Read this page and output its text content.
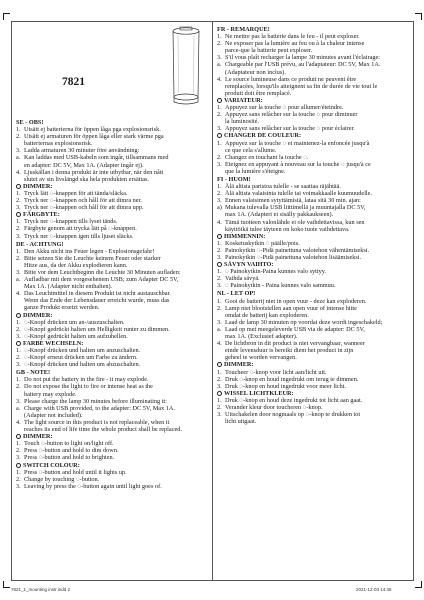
7821
SE - OBS!
1. Utsätt ej batterierna för öppen låga pga explosionsrisk.
2. Utsätt ej armaturen för öppen låga eller stark värme pga
batteriernas explosionsrisk.
3. Ladda armaturen 30 minuter före användning:
a. Kan laddas med USB-kabeln som ingår, tillsammans med
en adapter: DC 5V, Max 1A. (Adapter ingår ej).
4. Ljuskällan i denna produkt är inte utbytbar, när den nått
slutet av sin livslängd ska hela produkten ersättas.
DIMMER:
1. Tryck lätt ◌-knappen för att tända/släcka.
2. Tryck ner ◌-knappen och håll för att dimra ner.
3. Tryck ner ◌-knappen och håll för att dimra upp.
FÄRGBYTE:
1. Tryck ner ◌-knappen tills lyset tänds.
2. Färgbyte genom att trycka lätt på ◌-knappen.
3. Tryck ner ◌-knappen igen tills ljuset släcks.
DE - ACHTUNG!
1. Den Akku nicht ins Feuer legen - Explosionsgefahr!
2. Bitte setzen Sie die Leuchte keinem Feuer oder starker
Hitze aus, da der Akku explodieren kann.
3. Bitte vor dem Leuchtbeginn die Leuchte 30 Minuten aufladen:
a. Aufladbar mit dem vorgesehenem USB; zum Adapter DC 5V,
Max 1A. (Adapter nicht enthalten).
4. Das Leuchtmittel in diesem Produkt ist nicht austauschbar.
Wenn das Ende der Lebensdauer erreicht wurde, muss das
ganze Produkt ersetzt werden.
DIMMER:
1. ◌-Knopf drücken um an-/auszuschalten.
2. ◌-Knopf gedrückt halten um Helligkeit runter zu dimmen.
3. ◌-Knopf gedrückt halten um aufzuhellen.
FARBE WECHSELN:
1. ◌-Knopf drücken und halten um anzuschalten.
2. ◌-Knopf erneut drücken um Farbe zu ändern.
3. ◌-Knopf drücken und halten um abzuschalten.
GB - NOTE!
1. Do not put the battery in the fire - it may explode.
2. Do not expose the light to fire or intense heat as the
battery may explode.
3. Please charge the lamp 30 minutes before illuminating it:
a. Charge with USB provided, to the adapter: DC 5V, Max 1A.
(Adapter not included).
4. The light source in this product is not replaceable, when it
reaches its end of life time the whole product shall be replaced.
DIMMER:
1. Touch ◌-button to light on/light off.
2. Press ◌-button and hold to dim down.
3. Press ◌-button and hold to brighten.
SWITCH COLOUR:
1. Press ◌-button and hold until it lights up.
2. Change by touching ◌-button.
3. Leaving by press the ◌-button again until light goes of.
FR - REMARQUE!
1. Ne mettre pas la batterie dans le feu - il peut exploser.
2. Ne exposer pas la lumière au feu ou à la chaleur intense
parce-que la batterie peut exploser.
3. S'il vous plaît recharger la lampe 30 minutes avant l'éclairage:
a. Chargeable par l'USB prévu, au l'adaptateur: DC 5V, Max 1A.
(Adaptateur non inclus).
4. Le source lumineuse dans ce produit ne peuvent être
remplacées, lorsqu'ils atteignent sa fin de durée de vie tout le
produit doit être remplacé.
VARIATEUR:
1. Appuyez sur la touche ◌ pour allumer/éteindre.
2. Appuyez sans relâcher sur la touche ◌ pour diminuer
la luminosité.
3. Appuyez sans relâcher sur la touche ◌ pour éclairer.
CHANGER DE COULEUR:
1. Appuyez sur la touche ◌ et maintenez-la enfoncée jusqu'à
ce que cela s'allume.
2. Changez en touchant la touche ◌.
3. Eteignez en appuyant à nouveau sur la touche ◌ jusqu'à ce
que la lumière s'éteigne.
FI - HUOM!
1. Älä altista paristoa tulelle - se saattaa räjähtää.
2. Älä altista valaisinta tulelle tai voimakkaalle kuumuudelle.
3. Ennen valaisimen sytyttämistä, lataa sitä 30 min. ajan:
a) Mukana tulevalla USB liittimellä ja muuntajalla DC 5V,
max 1A. (Adapteri ei sisälly pakkaukseen).
4. Tämä tuotteen valonlähde ei ole vaihdettavissa, kun sen
käyttöikä tulee täyteen on koko tuote vaihdettava.
HIMMENNIN:
1. Kosketuskytkin ◌ päälle/pois.
2. Painokytkin ◌-Pidä painettuna valotehon vähentämiseksi.
3. Painokytkin ◌-Pidä painettuna valotehon lisäämiseksi.
SÄVYN VAIHTO:
1. ◌ Painokytkin-Paina kunnes valo syttyy.
2. Vaihda sävyä.
3. ◌ Painokytkin - Paina kunnes valo sammuu.
NL - LET OP!
1. Gooi de batterij niet in open vuur - deze kan exploderen.
2. Lamp niet blootstellen aan open vuur of intense hitte
omdat de batterij kan exploderen.
3. Laad de lamp 30 minuten op voordat deze wordt ingeschakeld;
a. Laad op met meegeleverde USB via de adapter: DC 5V,
max 1A. (Exclusief adapter).
4. De lichtbron in dit product is niet vervangbaar, wanneer
einde levensduur is bereikt dient het product in zijn
geheel te worden vervangen.
DIMMER:
1. Toucheer ◌-knop voor licht aan/licht uit.
2. Druk ◌-knop en houd ingedrukt om terug te dimmen.
3. Druk ◌-knop en houd ingedrukt voor meer licht.
WISSEL LICHTKLEUR:
1. Druk ◌-knop en houd deze ingedrukt tot licht aan gaat.
2. Verander kleur door toucheren ◌-knop.
3. Uitschakelen door nogmaals op ◌-knop te drukken tot
licht uitgaat.
7821_1_mounting instr.indd 2	2021-12-03 14:46
